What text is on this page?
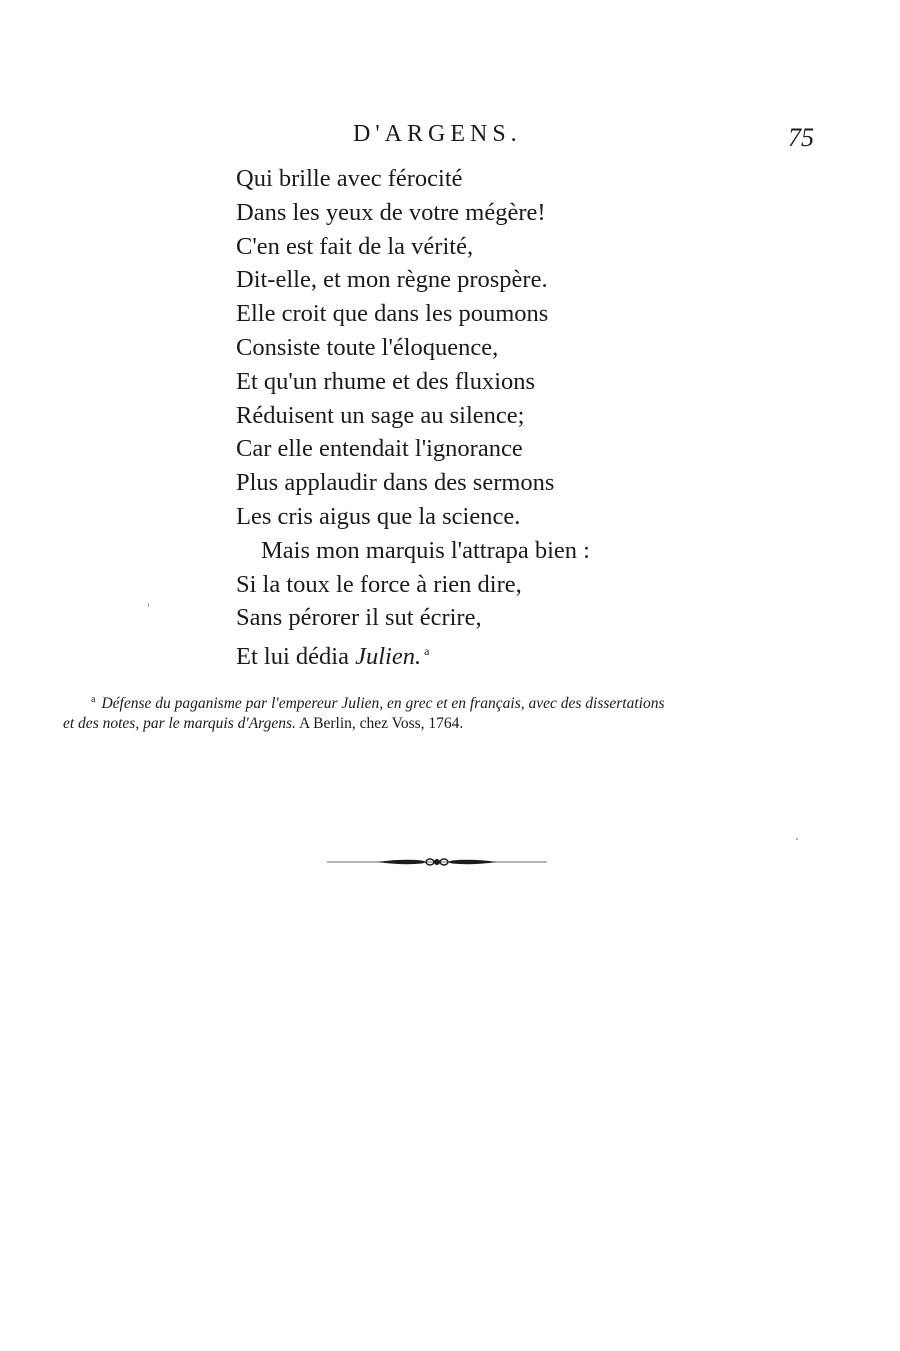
D'ARGENS.	75
Qui brille avec férocité
Dans les yeux de votre mégère!
C'en est fait de la vérité,
Dit-elle, et mon règne prospère.
Elle croit que dans les poumons
Consiste toute l'éloquence,
Et qu'un rhume et des fluxions
Réduisent un sage au silence;
Car elle entendait l'ignorance
Plus applaudir dans des sermons
Les cris aigus que la science.
Mais mon marquis l'attrapa bien :
Si la toux le force à rien dire,
Sans pérorer il sut écrire,
Et lui dédia Julien. $^a$
$^a$ Défense du paganisme par l'empereur Julien, en grec et en français, avec des dissertations
et des notes, par le marquis d'Argens. A Berlin, chez Voss, 1764.
